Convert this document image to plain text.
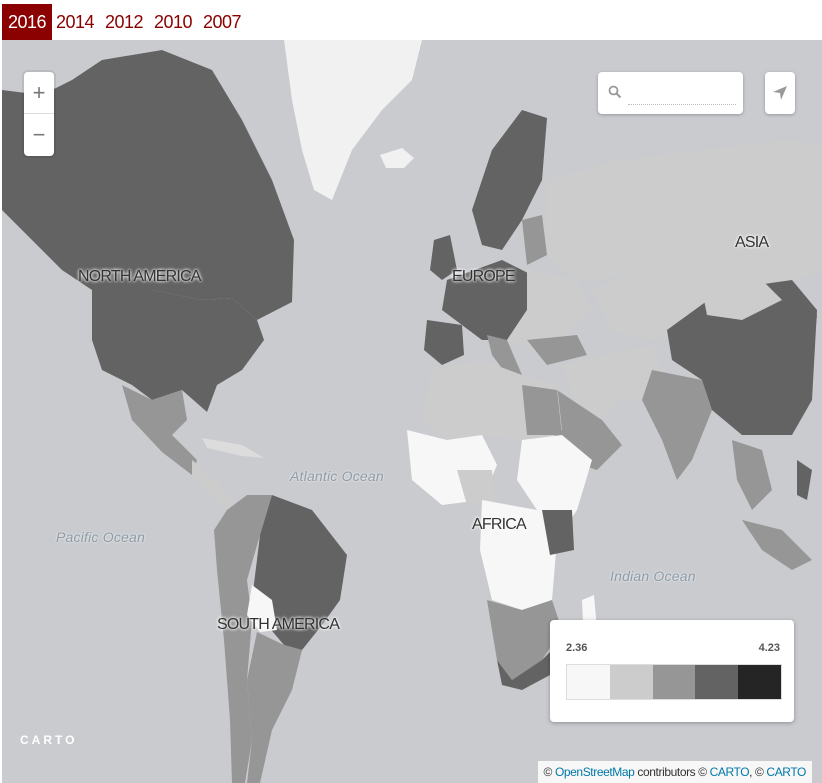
2016 2014 2012 2010 2007
+
−
NORTH AMERICA	EUROPE
ASIA
AFRICA
SOUTH AMERICA
Atlantic Ocean
Pacific Ocean
Indian Ocean
2.36	4.23
CARTO
© OpenStreetMap contributors © CARTO, © CARTO
